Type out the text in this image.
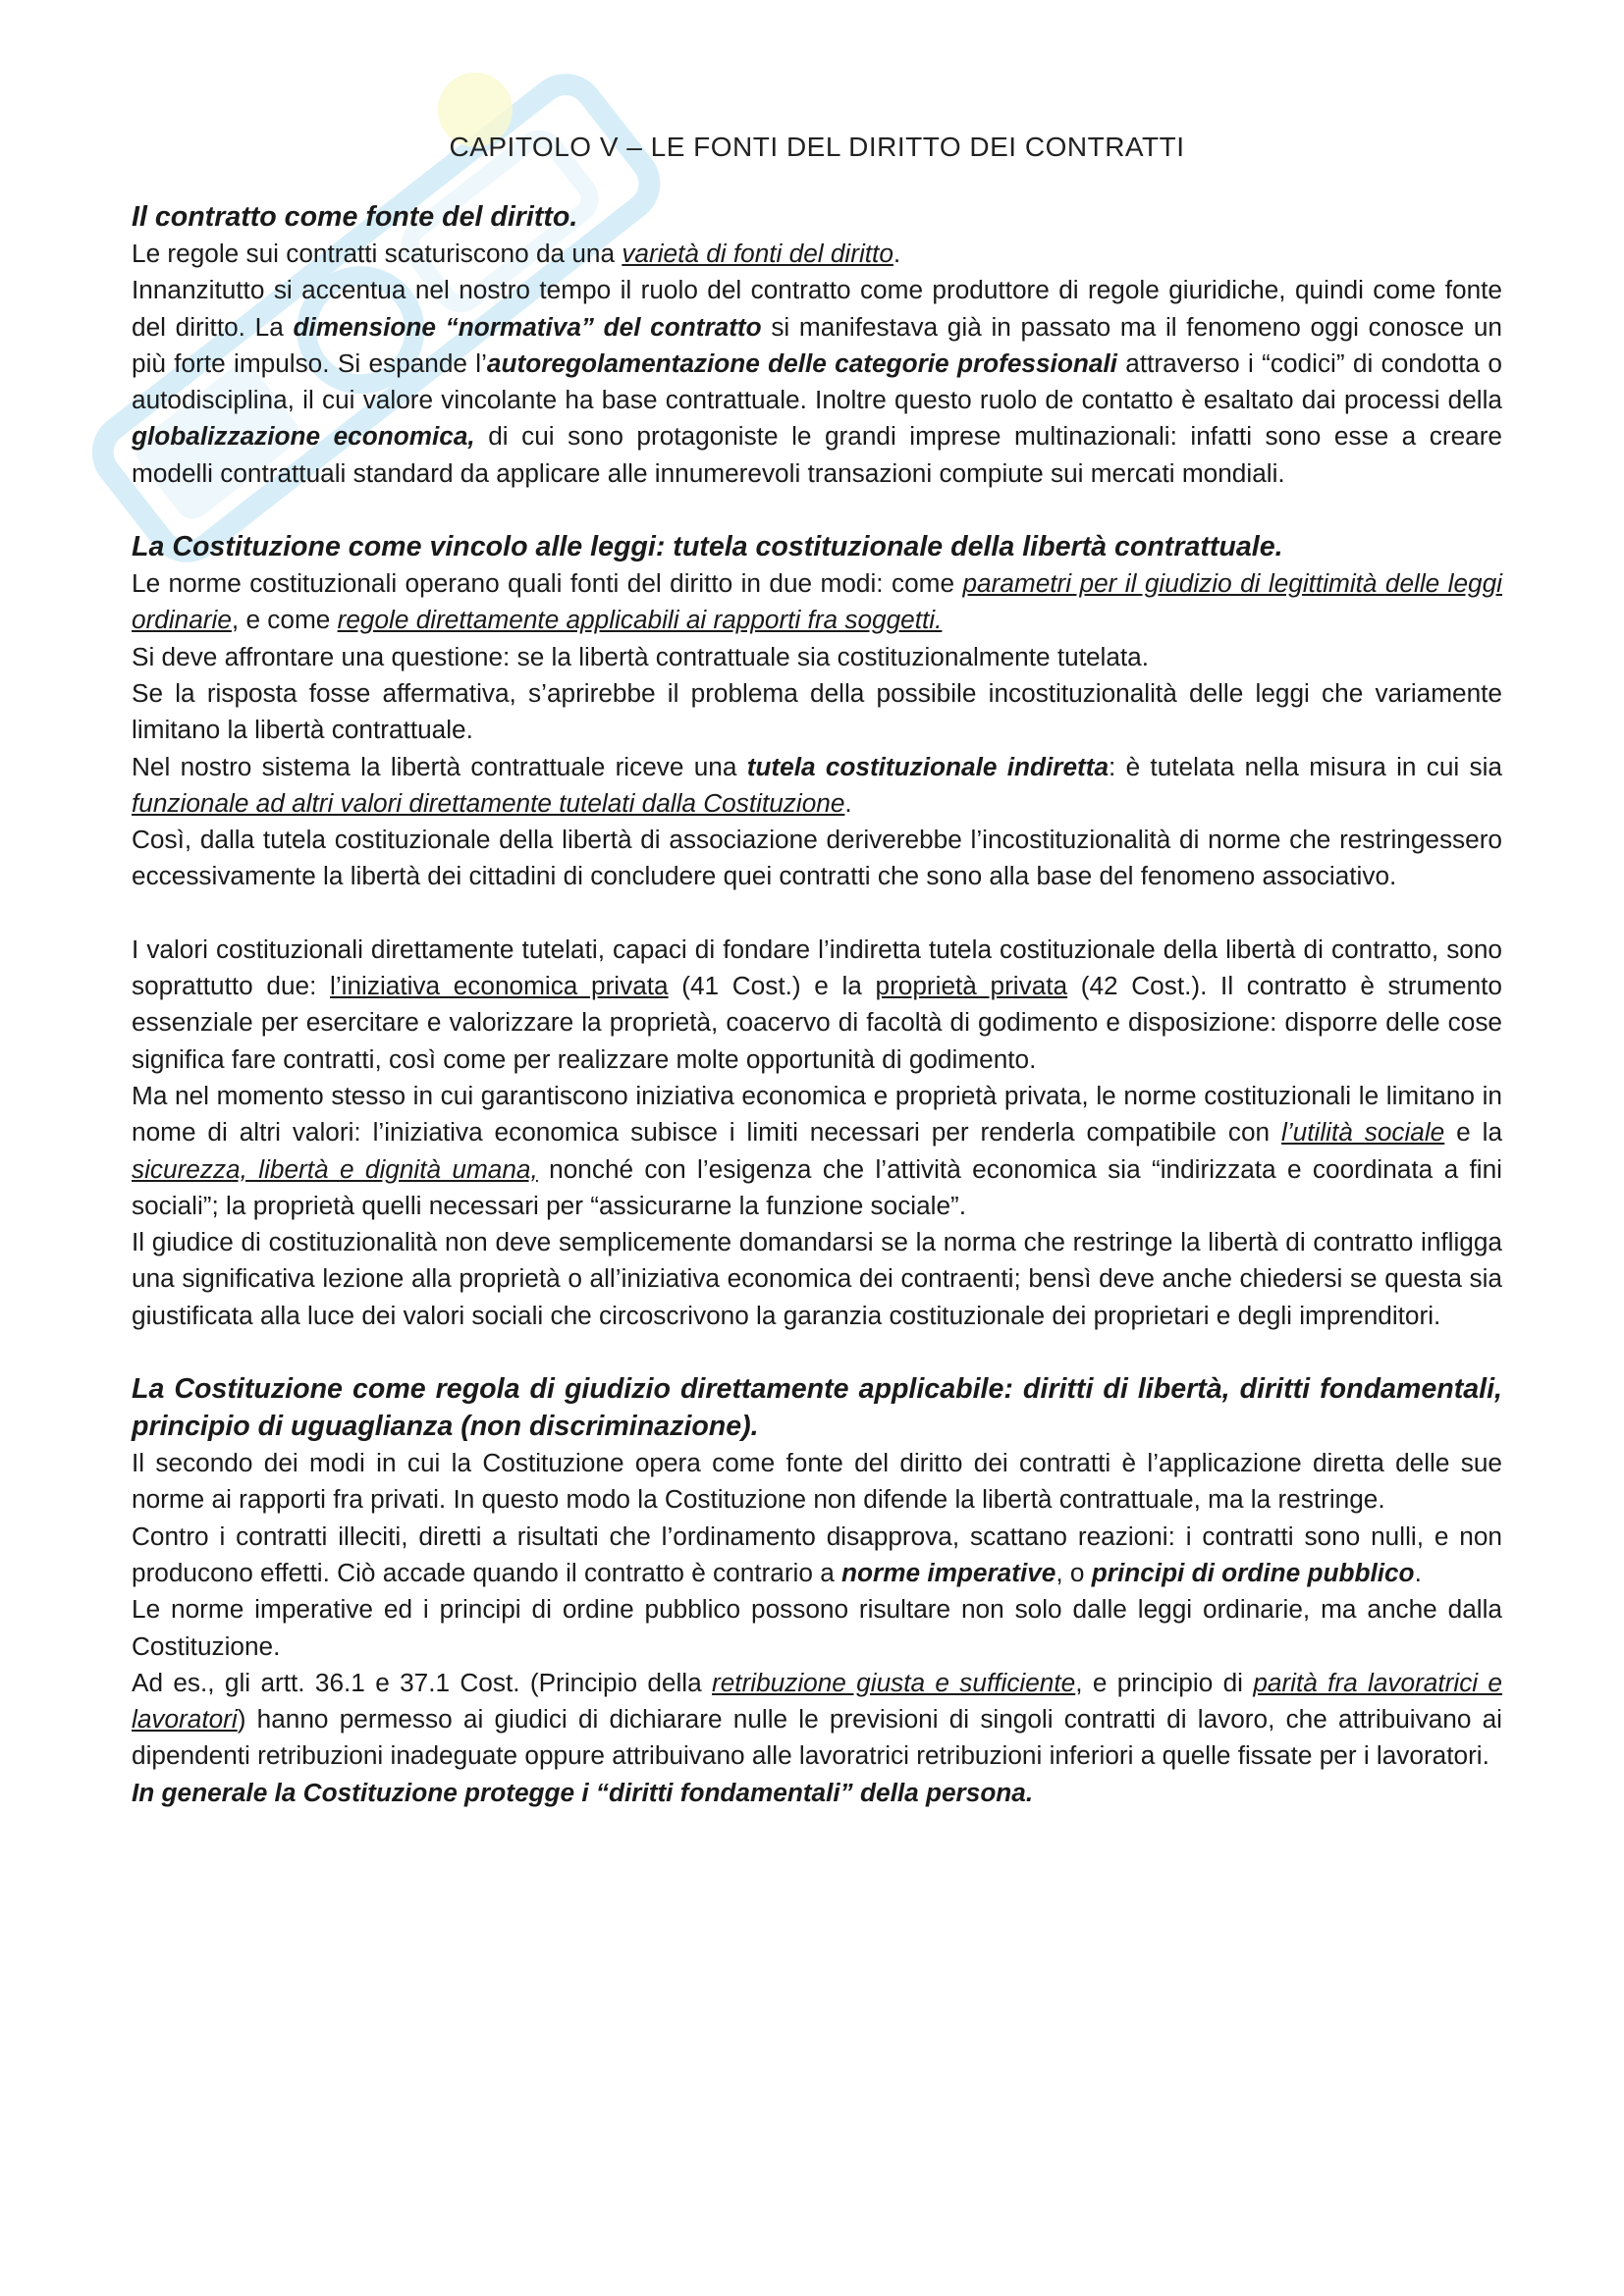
CAPITOLO V – LE FONTI DEL DIRITTO DEI CONTRATTI
Il contratto come fonte del diritto.

Le regole sui contratti scaturiscono da una varietà di fonti del diritto.

Innanzitutto si accentua nel nostro tempo il ruolo del contratto come produttore di regole giuridiche, quindi come fonte del diritto. La dimensione “normativa” del contratto si manifestava già in passato ma il fenomeno oggi conosce un più forte impulso. Si espande l’autoregolamentazione delle categorie professionali attraverso i “codici” di condotta o autodisciplina, il cui valore vincolante ha base contrattuale. Inoltre questo ruolo de contatto è esaltato dai processi della globalizzazione economica, di cui sono protagoniste le grandi imprese multinazionali: infatti sono esse a creare modelli contrattuali standard da applicare alle innumerevoli transazioni compiute sui mercati mondiali.

La Costituzione come vincolo alle leggi: tutela costituzionale della libertà contrattuale.

Le norme costituzionali operano quali fonti del diritto in due modi: come parametri per il giudizio di legittimità delle leggi ordinarie, e come regole direttamente applicabili ai rapporti fra soggetti.

Si deve affrontare una questione: se la libertà contrattuale sia costituzionalmente tutelata.

Se la risposta fosse affermativa, s’aprirebbe il problema della possibile incostituzionalità delle leggi che variamente limitano la libertà contrattuale.

Nel nostro sistema la libertà contrattuale riceve una tutela costituzionale indiretta: è tutelata nella misura in cui sia funzionale ad altri valori direttamente tutelati dalla Costituzione.

Così, dalla tutela costituzionale della libertà di associazione deriverebbe l’incostituzionalità di norme che restringessero eccessivamente la libertà dei cittadini di concludere quei contratti che sono alla base del fenomeno associativo.

I valori costituzionali direttamente tutelati, capaci di fondare l’indiretta tutela costituzionale della libertà di contratto, sono soprattutto due: l’iniziativa economica privata (41 Cost.) e la proprietà privata (42 Cost.). Il contratto è strumento essenziale per esercitare e valorizzare la proprietà, coacervo di facoltà di godimento e disposizione: disporre delle cose significa fare contratti, così come per realizzare molte opportunità di godimento.

Ma nel momento stesso in cui garantiscono iniziativa economica e proprietà privata, le norme costituzionali le limitano in nome di altri valori: l’iniziativa economica subisce i limiti necessari per renderla compatibile con l’utilità sociale e la sicurezza, libertà e dignità umana, nonché con l’esigenza che l’attività economica sia “indirizzata e coordinata a fini sociali”; la proprietà quelli necessari per “assicurarne la funzione sociale”.

Il giudice di costituzionalità non deve semplicemente domandarsi se la norma che restringe la libertà di contratto infligga una significativa lezione alla proprietà o all’iniziativa economica dei contraenti; bensì deve anche chiedersi se questa sia giustificata alla luce dei valori sociali che circoscrivono la garanzia costituzionale dei proprietari e degli imprenditori.

La Costituzione come regola di giudizio direttamente applicabile: diritti di libertà, diritti fondamentali, principio di uguaglianza (non discriminazione).

Il secondo dei modi in cui la Costituzione opera come fonte del diritto dei contratti è l’applicazione diretta delle sue norme ai rapporti fra privati. In questo modo la Costituzione non difende la libertà contrattuale, ma la restringe.

Contro i contratti illeciti, diretti a risultati che l’ordinamento disapprova, scattano reazioni: i contratti sono nulli, e non producono effetti. Ciò accade quando il contratto è contrario a norme imperative, o principi di ordine pubblico.

Le norme imperative ed i principi di ordine pubblico possono risultare non solo dalle leggi ordinarie, ma anche dalla Costituzione.

Ad es., gli artt. 36.1 e 37.1 Cost. (Principio della retribuzione giusta e sufficiente, e principio di parità fra lavoratrici e lavoratori) hanno permesso ai giudici di dichiarare nulle le previsioni di singoli contratti di lavoro, che attribuivano ai dipendenti retribuzioni inadeguate oppure attribuivano alle lavoratrici retribuzioni inferiori a quelle fissate per i lavoratori.

In generale la Costituzione protegge i “diritti fondamentali” della persona.
